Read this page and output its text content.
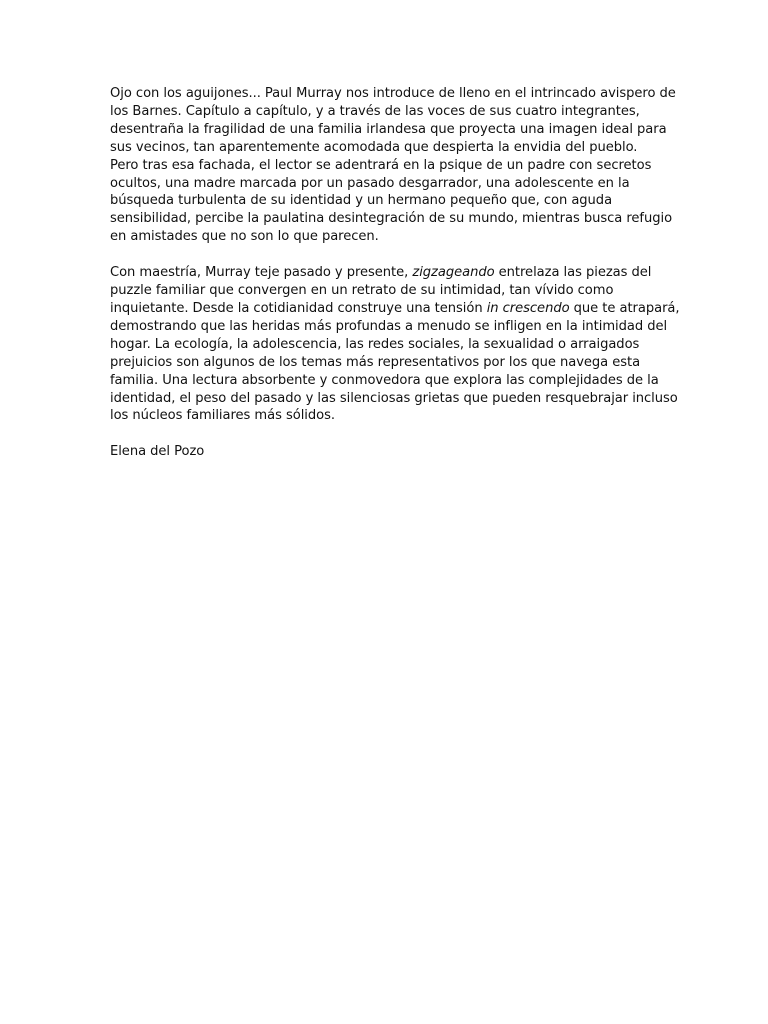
Ojo con los aguijones... Paul Murray nos introduce de lleno en el intrincado avispero de
los Barnes. Capítulo a capítulo, y a través de las voces de sus cuatro integrantes,
desentraña la fragilidad de una familia irlandesa que proyecta una imagen ideal para
sus vecinos, tan aparentemente acomodada que despierta la envidia del pueblo.
Pero tras esa fachada, el lector se adentrará en la psique de un padre con secretos
ocultos, una madre marcada por un pasado desgarrador, una adolescente en la
búsqueda turbulenta de su identidad y un hermano pequeño que, con aguda
sensibilidad, percibe la paulatina desintegración de su mundo, mientras busca refugio
en amistades que no son lo que parecen.

Con maestría, Murray teje pasado y presente, zigzageando entrelaza las piezas del
puzzle familiar que convergen en un retrato de su intimidad, tan vívido como
inquietante. Desde la cotidianidad construye una tensión in crescendo que te atrapará,
demostrando que las heridas más profundas a menudo se infligen en la intimidad del
hogar. La ecología, la adolescencia, las redes sociales, la sexualidad o arraigados
prejuicios son algunos de los temas más representativos por los que navega esta
familia. Una lectura absorbente y conmovedora que explora las complejidades de la
identidad, el peso del pasado y las silenciosas grietas que pueden resquebrajar incluso
los núcleos familiares más sólidos.

Elena del Pozo
